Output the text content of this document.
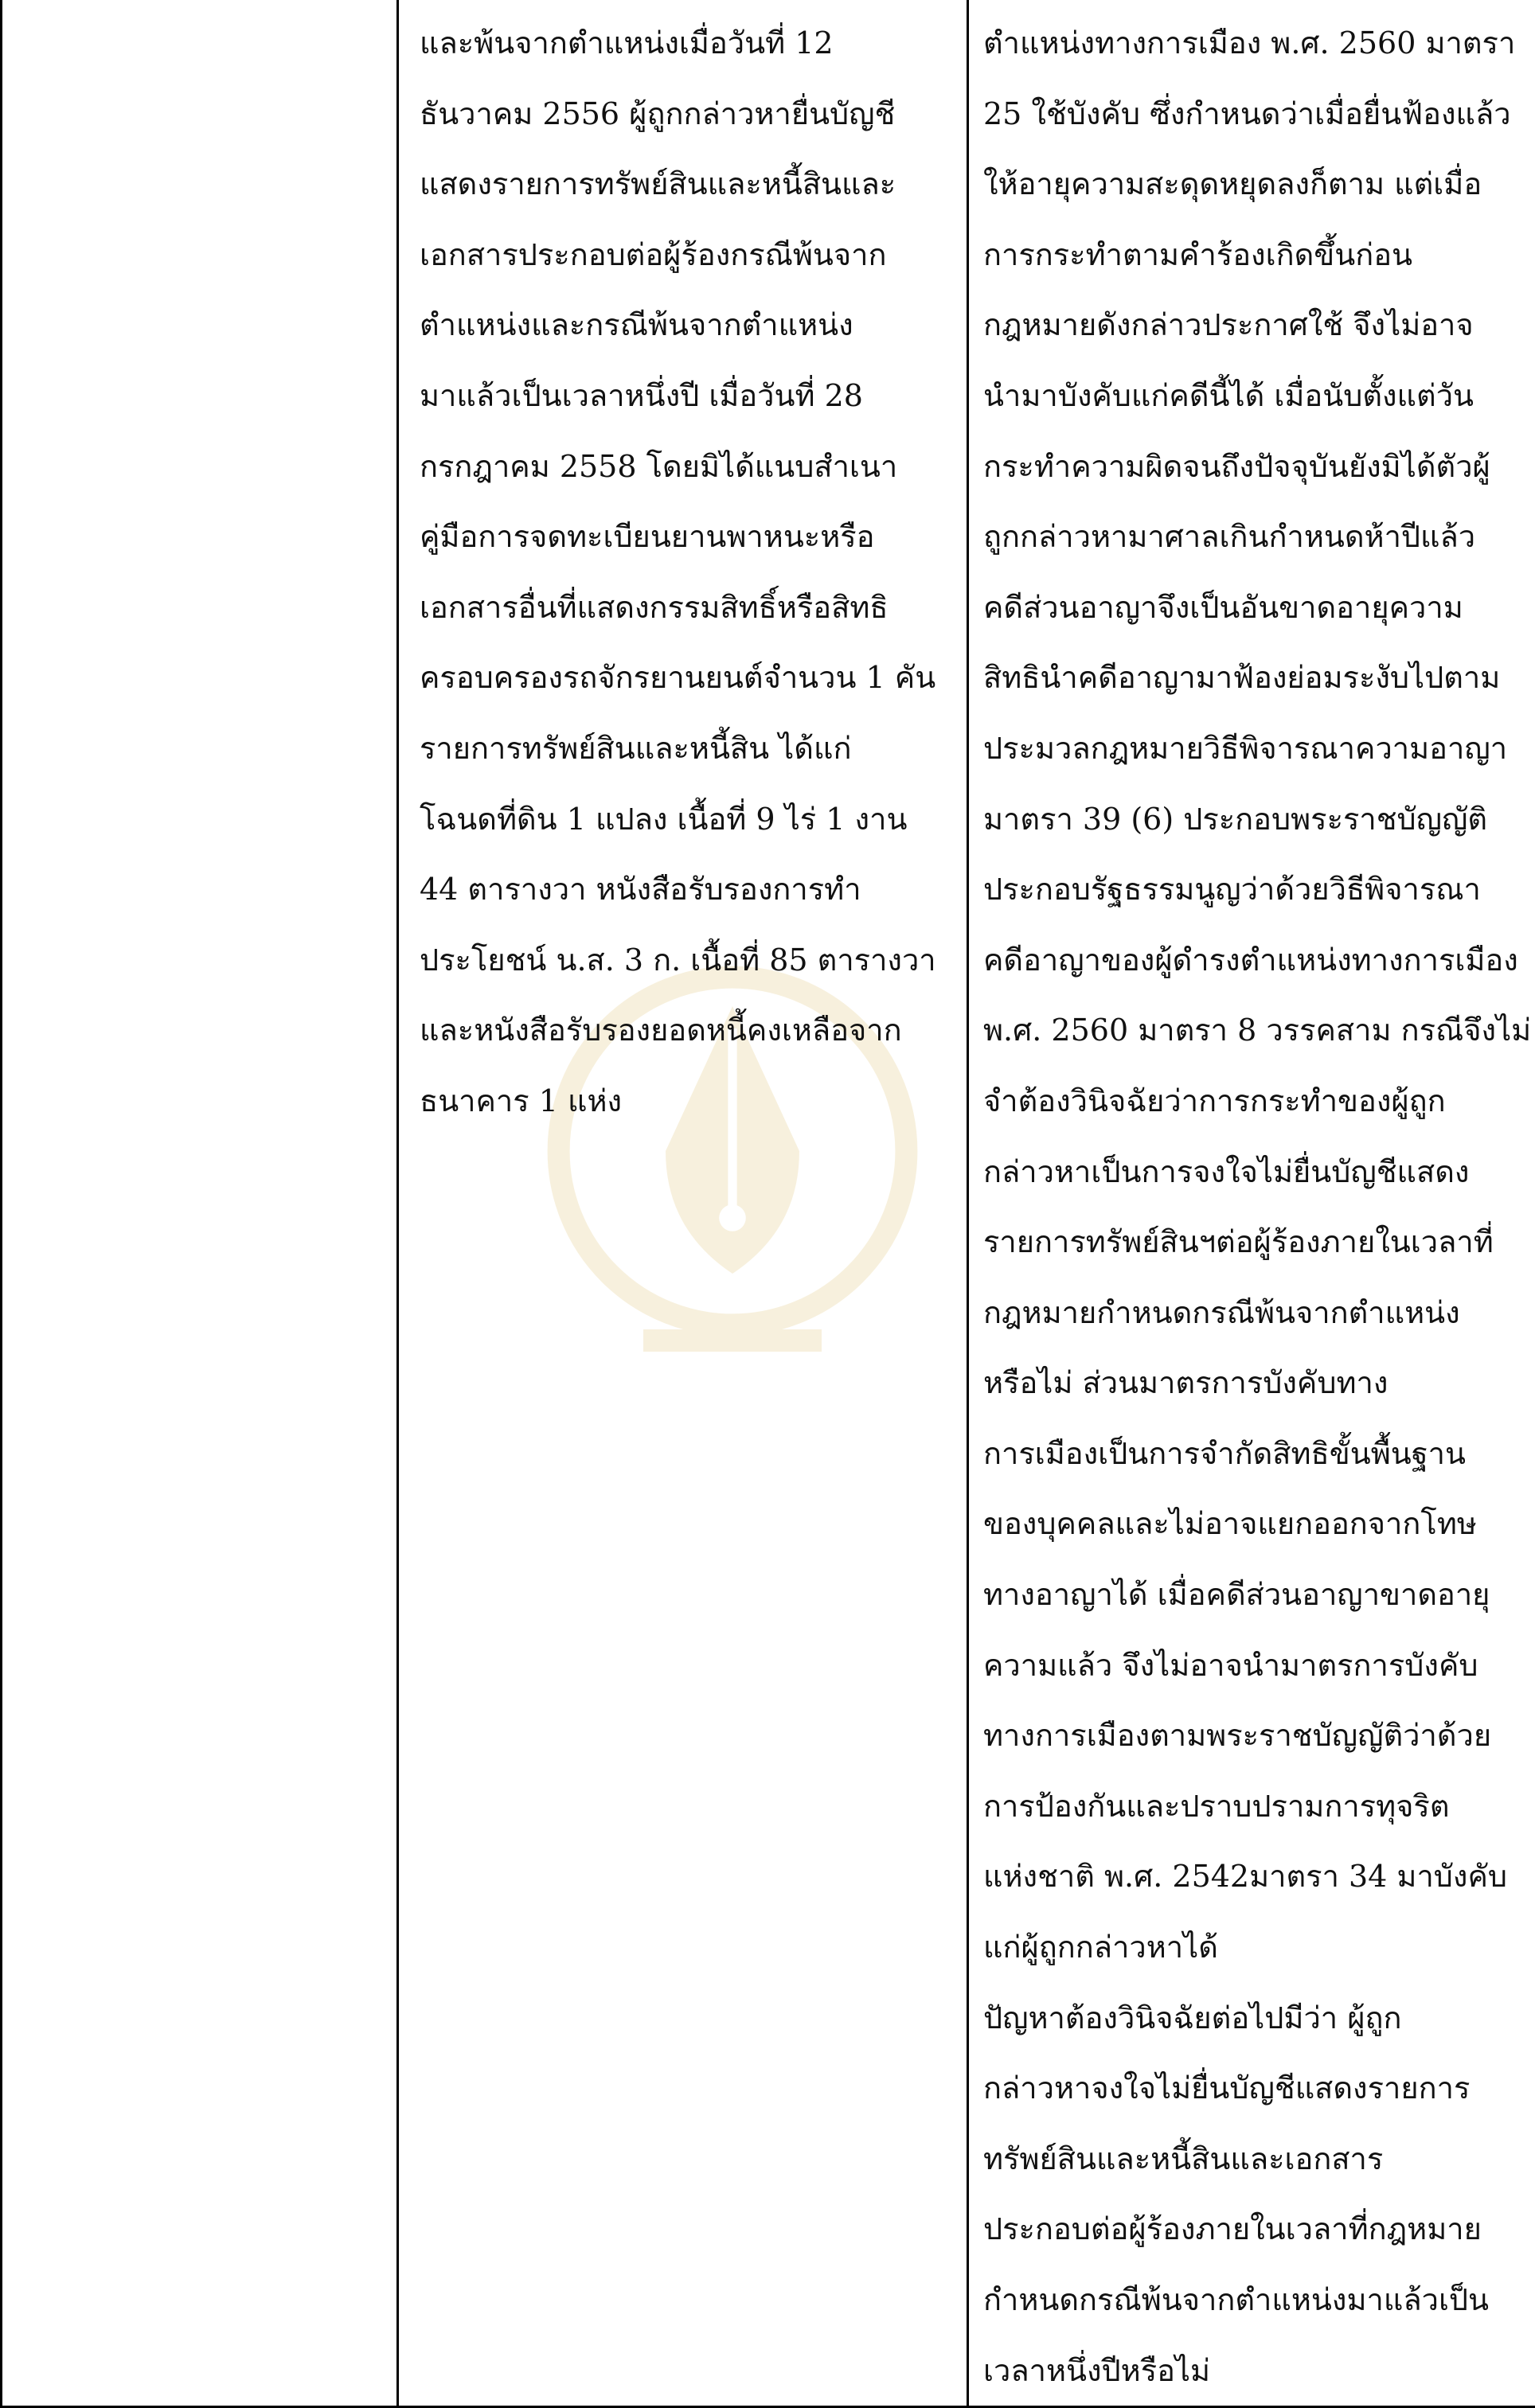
และพ้นจากตำแหน่งเมื่อวันที่ 12
ธันวาคม 2556 ผู้ถูกกล่าวหายื่นบัญชี
แสดงรายการทรัพย์สินและหนี้สินและ
เอกสารประกอบต่อผู้ร้องกรณีพ้นจาก
ตำแหน่งและกรณีพ้นจากตำแหน่ง
มาแล้วเป็นเวลาหนึ่งปี เมื่อวันที่ 28
กรกฎาคม 2558 โดยมิได้แนบสำเนา
คู่มือการจดทะเบียนยานพาหนะหรือ
เอกสารอื่นที่แสดงกรรมสิทธิ์หรือสิทธิ
ครอบครองรถจักรยานยนต์จำนวน 1 คัน
รายการทรัพย์สินและหนี้สิน ได้แก่
โฉนดที่ดิน 1 แปลง เนื้อที่ 9 ไร่ 1 งาน
44 ตารางวา หนังสือรับรองการทำ
ประโยชน์ น.ส. 3 ก. เนื้อที่ 85 ตารางวา
และหนังสือรับรองยอดหนี้คงเหลือจาก
ธนาคาร 1 แห่ง

ตำแหน่งทางการเมือง พ.ศ. 2560 มาตรา
25 ใช้บังคับ ซึ่งกำหนดว่าเมื่อยื่นฟ้องแล้ว
ให้อายุความสะดุดหยุดลงก็ตาม แต่เมื่อ
การกระทำตามคำร้องเกิดขึ้นก่อน
กฎหมายดังกล่าวประกาศใช้ จึงไม่อาจ
นำมาบังคับแก่คดีนี้ได้ เมื่อนับตั้งแต่วัน
กระทำความผิดจนถึงปัจจุบันยังมิได้ตัวผู้
ถูกกล่าวหามาศาลเกินกำหนดห้าปีแล้ว
คดีส่วนอาญาจึงเป็นอันขาดอายุความ
สิทธินำคดีอาญามาฟ้องย่อมระงับไปตาม
ประมวลกฎหมายวิธีพิจารณาความอาญา
มาตรา 39 (6) ประกอบพระราชบัญญัติ
ประกอบรัฐธรรมนูญว่าด้วยวิธีพิจารณา
คดีอาญาของผู้ดำรงตำแหน่งทางการเมือง
พ.ศ. 2560 มาตรา 8 วรรคสาม กรณีจึงไม่
จำต้องวินิจฉัยว่าการกระทำของผู้ถูก
กล่าวหาเป็นการจงใจไม่ยื่นบัญชีแสดง
รายการทรัพย์สินฯต่อผู้ร้องภายในเวลาที่
กฎหมายกำหนดกรณีพ้นจากตำแหน่ง
หรือไม่ ส่วนมาตรการบังคับทาง
การเมืองเป็นการจำกัดสิทธิขั้นพื้นฐาน
ของบุคคลและไม่อาจแยกออกจากโทษ
ทางอาญาได้ เมื่อคดีส่วนอาญาขาดอายุ
ความแล้ว จึงไม่อาจนำมาตรการบังคับ
ทางการเมืองตามพระราชบัญญัติว่าด้วย
การป้องกันและปราบปรามการทุจริต
แห่งชาติ พ.ศ. 2542มาตรา 34 มาบังคับ
แก่ผู้ถูกกล่าวหาได้
ปัญหาต้องวินิจฉัยต่อไปมีว่า ผู้ถูก
กล่าวหาจงใจไม่ยื่นบัญชีแสดงรายการ
ทรัพย์สินและหนี้สินและเอกสาร
ประกอบต่อผู้ร้องภายในเวลาที่กฎหมาย
กำหนดกรณีพ้นจากตำแหน่งมาแล้วเป็น
เวลาหนึ่งปีหรือไม่
